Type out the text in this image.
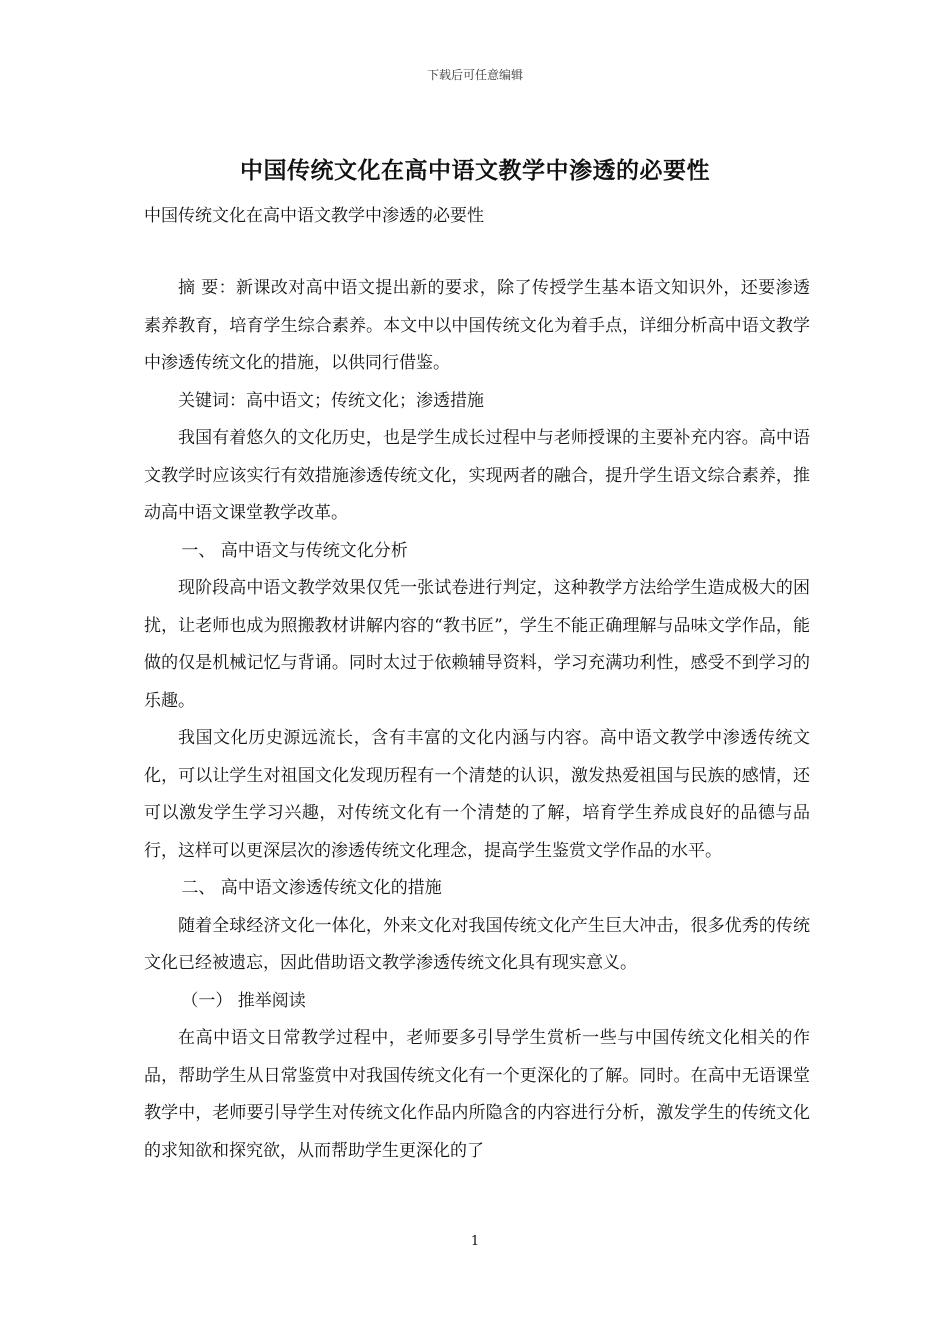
下载后可任意编辑
中国传统文化在高中语文教学中渗透的必要性
中国传统文化在高中语文教学中渗透的必要性

摘 要：新课改对高中语文提出新的要求，除了传授学生基本语文知识外，还要渗透素养教育，培育学生综合素养。本文中以中国传统文化为着手点，详细分析高中语文教学中渗透传统文化的措施，以供同行借鉴。

关键词：高中语文；传统文化；渗透措施

我国有着悠久的文化历史，也是学生成长过程中与老师授课的主要补充内容。高中语文教学时应该实行有效措施渗透传统文化，实现两者的融合，提升学生语文综合素养，推动高中语文课堂教学改革。

一、 高中语文与传统文化分析

现阶段高中语文教学效果仅凭一张试卷进行判定，这种教学方法给学生造成极大的困扰，让老师也成为照搬教材讲解内容的“教书匠”，学生不能正确理解与品味文学作品，能做的仅是机械记忆与背诵。同时太过于依赖辅导资料，学习充满功利性，感受不到学习的乐趣。

我国文化历史源远流长，含有丰富的文化内涵与内容。高中语文教学中渗透传统文化，可以让学生对祖国文化发现历程有一个清楚的认识，激发热爱祖国与民族的感情，还可以激发学生学习兴趣，对传统文化有一个清楚的了解，培育学生养成良好的品德与品行，这样可以更深层次的渗透传统文化理念，提高学生鉴赏文学作品的水平。

二、 高中语文渗透传统文化的措施

随着全球经济文化一体化，外来文化对我国传统文化产生巨大冲击，很多优秀的传统文化已经被遗忘，因此借助语文教学渗透传统文化具有现实意义。

（一） 推举阅读

在高中语文日常教学过程中，老师要多引导学生赏析一些与中国传统文化相关的作品，帮助学生从日常鉴赏中对我国传统文化有一个更深化的了解。同时。在高中无语课堂教学中，老师要引导学生对传统文化作品内所隐含的内容进行分析，激发学生的传统文化的求知欲和探究欲，从而帮助学生更深化的了

1
